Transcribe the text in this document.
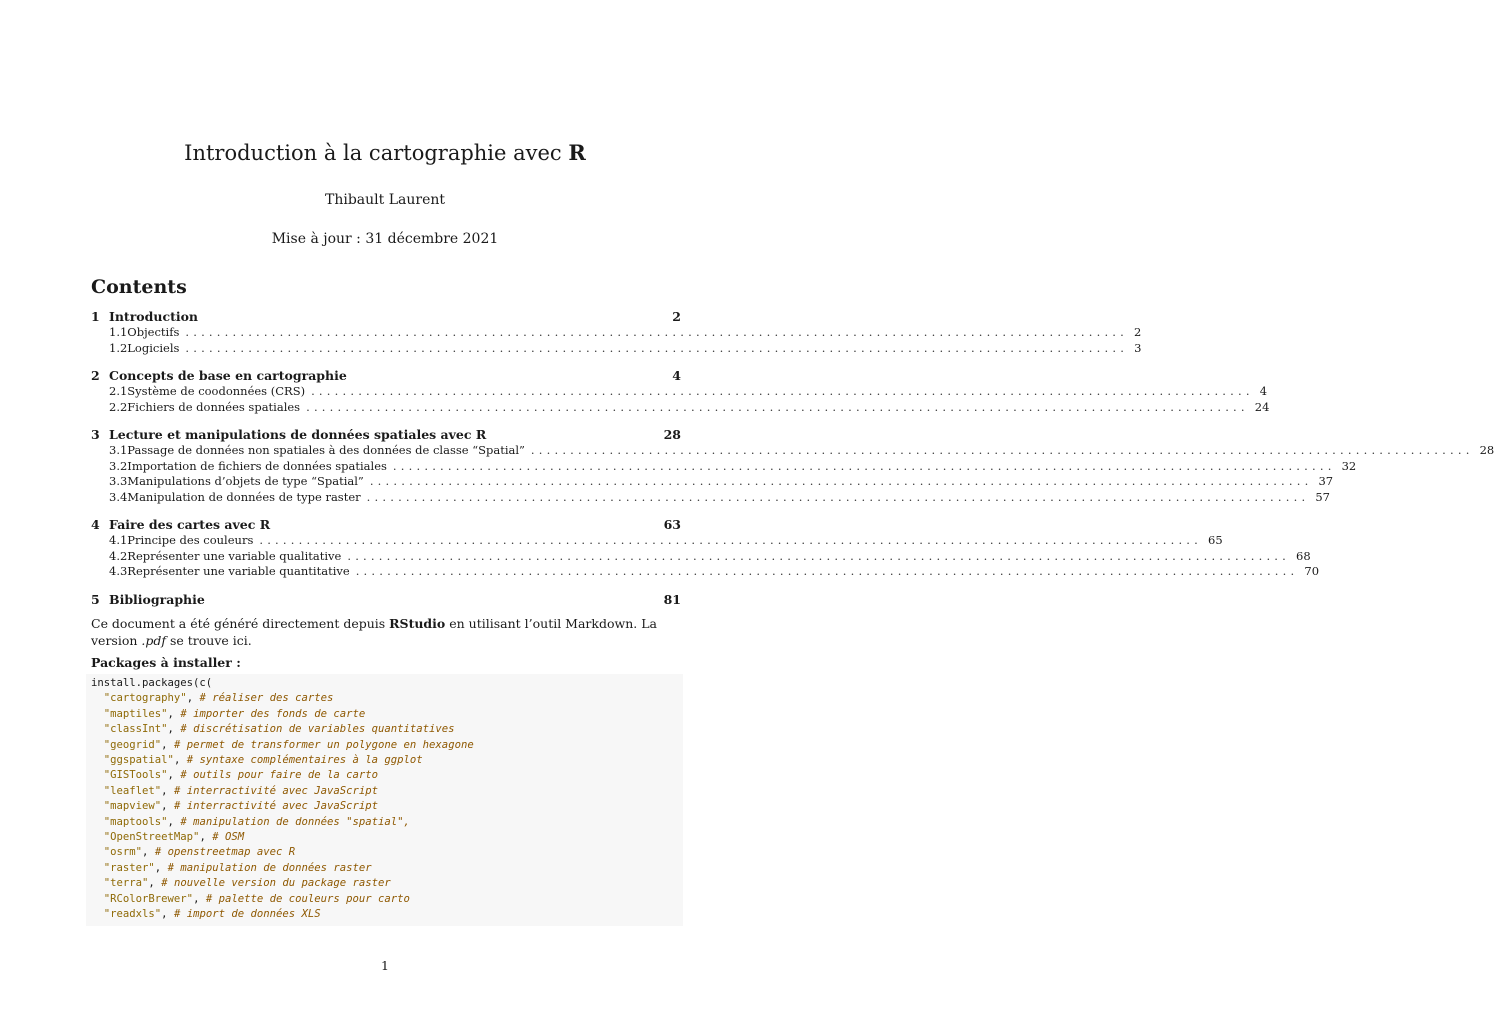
Introduction à la cartographie avec R
Thibault Laurent
Mise à jour : 31 décembre 2021
Contents
1 Introduction	2
1.1 Objectifs ........................................................................................................................ 2
1.2 Logiciels ........................................................................................................................ 3
2 Concepts de base en cartographie	4
2.1 Système de coodonnées (CRS) ........................................................................................................................ 4
2.2 Fichiers de données spatiales ........................................................................................................................ 24
3 Lecture et manipulations de données spatiales avec R	28
3.1 Passage de données non spatiales à des données de classe “Spatial” ........................................................................................................................ 28
3.2 Importation de fichiers de données spatiales ........................................................................................................................ 32
3.3 Manipulations d’objets de type “Spatial” ........................................................................................................................ 37
3.4 Manipulation de données de type raster ........................................................................................................................ 57
4 Faire des cartes avec R	63
4.1 Principe des couleurs ........................................................................................................................ 65
4.2 Représenter une variable qualitative ........................................................................................................................ 68
4.3 Représenter une variable quantitative ........................................................................................................................ 70
5 Bibliographie	81
Ce document a été généré directement depuis RStudio en utilisant l’outil Markdown. La version .pdf se trouve ici.
Packages à installer :
install.packages(c(
"cartography", # réaliser des cartes
"maptiles", # importer des fonds de carte
"classInt", # discrétisation de variables quantitatives
"geogrid", # permet de transformer un polygone en hexagone
"ggspatial", # syntaxe complémentaires à la ggplot
"GISTools", # outils pour faire de la carto
"leaflet", # interractivité avec JavaScript
"mapview", # interractivité avec JavaScript
"maptools", # manipulation de données "spatial",
"OpenStreetMap", # OSM
"osrm", # openstreetmap avec R
"raster", # manipulation de données raster
"terra", # nouvelle version du package raster
"RColorBrewer", # palette de couleurs pour carto
"readxls", # import de données XLS
1
